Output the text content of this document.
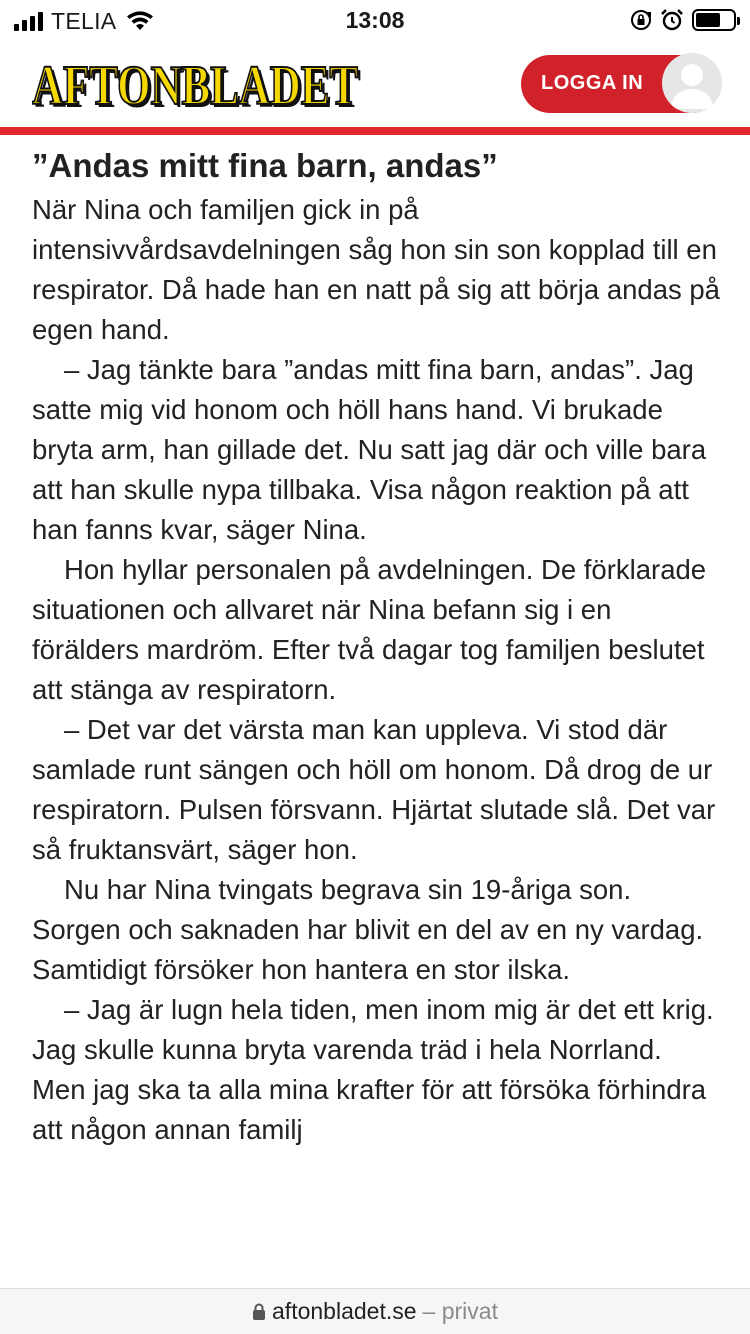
TELIA	13:08
AFTONBLADET
AFTONBLADET	LOGGA IN
”Andas mitt fina barn, andas”

När Nina och familjen gick in på intensivvårdsavdelningen såg hon sin son kopplad till en respirator. Då hade han en natt på sig att börja andas på egen hand.

– Jag tänkte bara ”andas mitt fina barn, andas”. Jag satte mig vid honom och höll hans hand. Vi brukade bryta arm, han gillade det. Nu satt jag där och ville bara att han skulle nypa tillbaka. Visa någon reaktion på att han fanns kvar, säger Nina.

Hon hyllar personalen på avdelningen. De förklarade situationen och allvaret när Nina befann sig i en förälders mardröm. Efter två dagar tog familjen beslutet att stänga av respiratorn.

– Det var det värsta man kan uppleva. Vi stod där samlade runt sängen och höll om honom. Då drog de ur respiratorn. Pulsen försvann. Hjärtat slutade slå. Det var så fruktansvärt, säger hon.

Nu har Nina tvingats begrava sin 19-åriga son. Sorgen och saknaden har blivit en del av en ny vardag. Samtidigt försöker hon hantera en stor ilska.

– Jag är lugn hela tiden, men inom mig är det ett krig. Jag skulle kunna bryta varenda träd i hela Norrland. Men jag ska ta alla mina krafter för att försöka förhindra att någon annan familj

aftonbladet.se – privat
